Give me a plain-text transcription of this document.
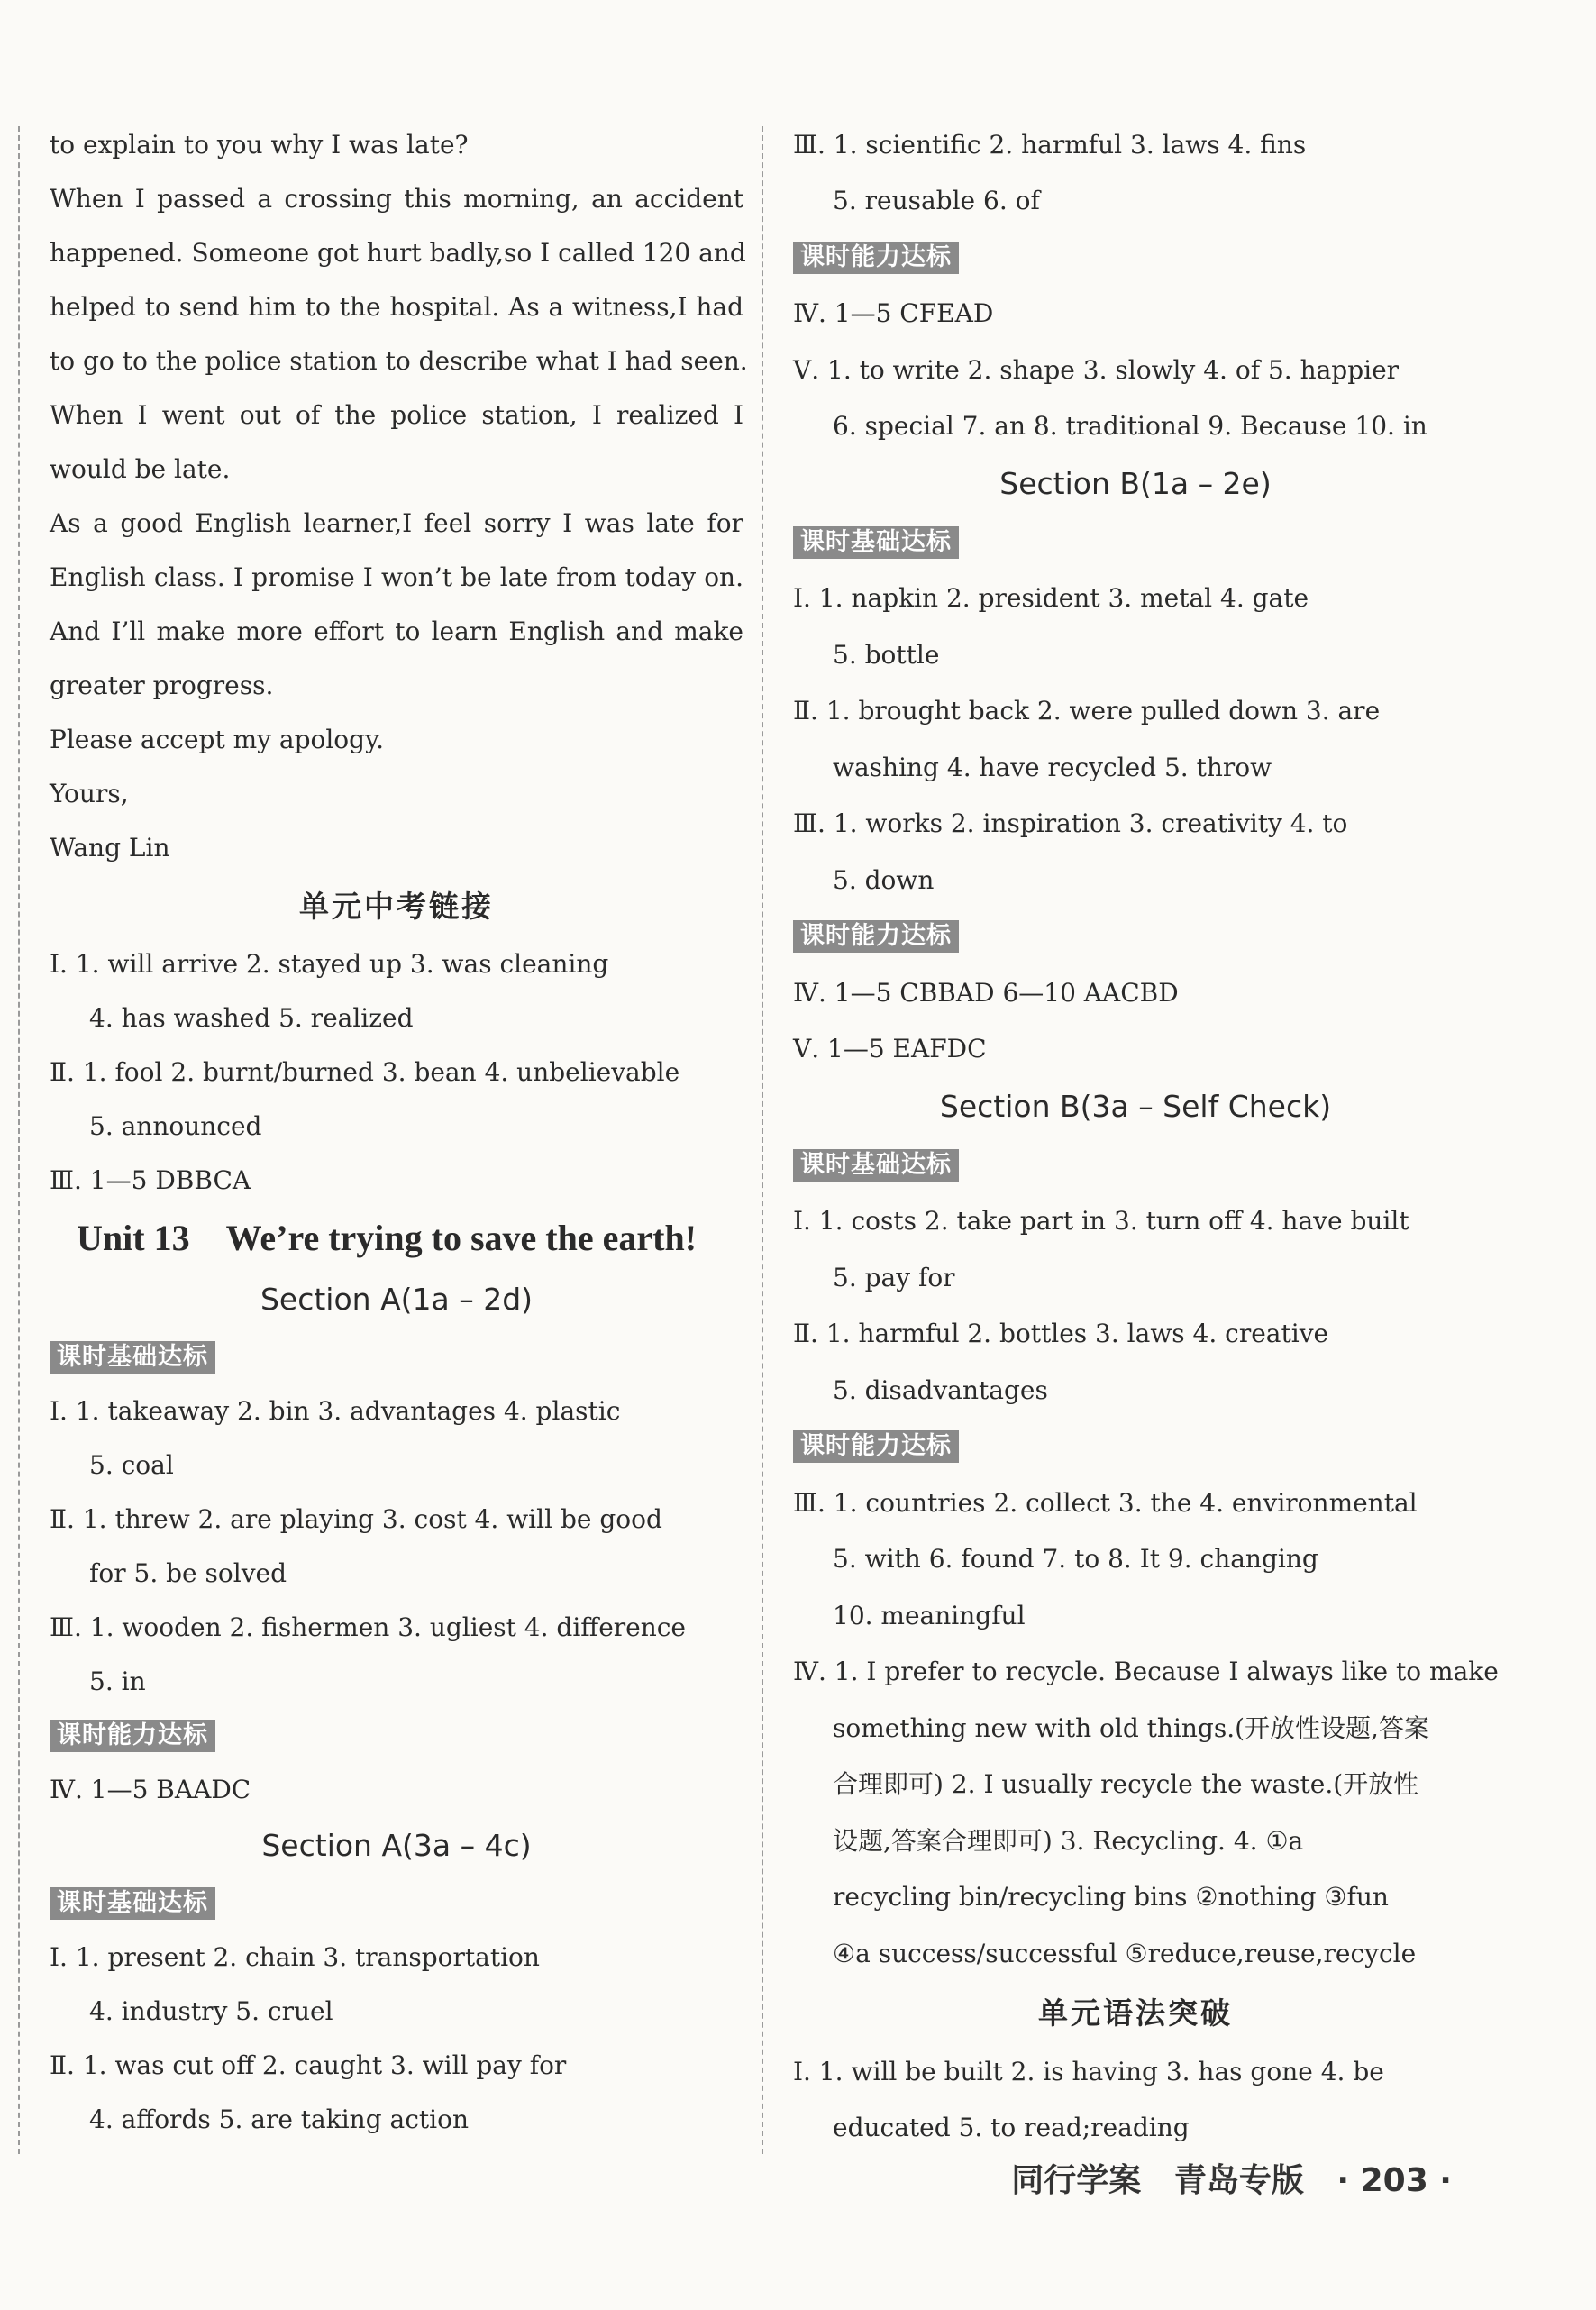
to explain to you why I was late?
When I passed a crossing this morning, an accident
happened. Someone got hurt badly,so I called 120 and
helped to send him to the hospital. As a witness,I had
to go to the police station to describe what I had seen.
When I went out of the police station, I realized I
would be late.
As a good English learner,I feel sorry I was late for
English class. I promise I won’t be late from today on.
And I’ll make more effort to learn English and make
greater progress.
Please accept my apology.
Yours,
Wang Lin
单元中考链接
Ⅰ. 1. will arrive 2. stayed up 3. was cleaning
4. has washed 5. realized
Ⅱ. 1. fool 2. burnt/burned 3. bean 4. unbelievable
5. announced
Ⅲ. 1—5 DBBCA
Unit 13 We’re trying to save the earth!
Section A(1a – 2d)
课时基础达标
Ⅰ. 1. takeaway 2. bin 3. advantages 4. plastic
5. coal
Ⅱ. 1. threw 2. are playing 3. cost 4. will be good
for 5. be solved
Ⅲ. 1. wooden 2. fishermen 3. ugliest 4. difference
5. in
课时能力达标
Ⅳ. 1—5 BAADC
Section A(3a – 4c)
课时基础达标
Ⅰ. 1. present 2. chain 3. transportation
4. industry 5. cruel
Ⅱ. 1. was cut off 2. caught 3. will pay for
4. affords 5. are taking action
Ⅲ. 1. scientific 2. harmful 3. laws 4. fins
5. reusable 6. of
课时能力达标
Ⅳ. 1—5 CFEAD
Ⅴ. 1. to write 2. shape 3. slowly 4. of 5. happier
6. special 7. an 8. traditional 9. Because 10. in
Section B(1a – 2e)
课时基础达标
Ⅰ. 1. napkin 2. president 3. metal 4. gate
5. bottle
Ⅱ. 1. brought back 2. were pulled down 3. are
washing 4. have recycled 5. throw
Ⅲ. 1. works 2. inspiration 3. creativity 4. to
5. down
课时能力达标
Ⅳ. 1—5 CBBAD 6—10 AACBD
Ⅴ. 1—5 EAFDC
Section B(3a – Self Check)
课时基础达标
Ⅰ. 1. costs 2. take part in 3. turn off 4. have built
5. pay for
Ⅱ. 1. harmful 2. bottles 3. laws 4. creative
5. disadvantages
课时能力达标
Ⅲ. 1. countries 2. collect 3. the 4. environmental
5. with 6. found 7. to 8. It 9. changing
10. meaningful
Ⅳ. 1. I prefer to recycle. Because I always like to make
something new with old things.(开放性设题,答案
合理即可) 2. I usually recycle the waste.(开放性
设题,答案合理即可) 3. Recycling. 4. ①a
recycling bin/recycling bins ②nothing ③fun
④a success/successful ⑤reduce,reuse,recycle
单元语法突破
Ⅰ. 1. will be built 2. is having 3. has gone 4. be
educated 5. to read;reading
同行学案 青岛专版 · 203 ·
